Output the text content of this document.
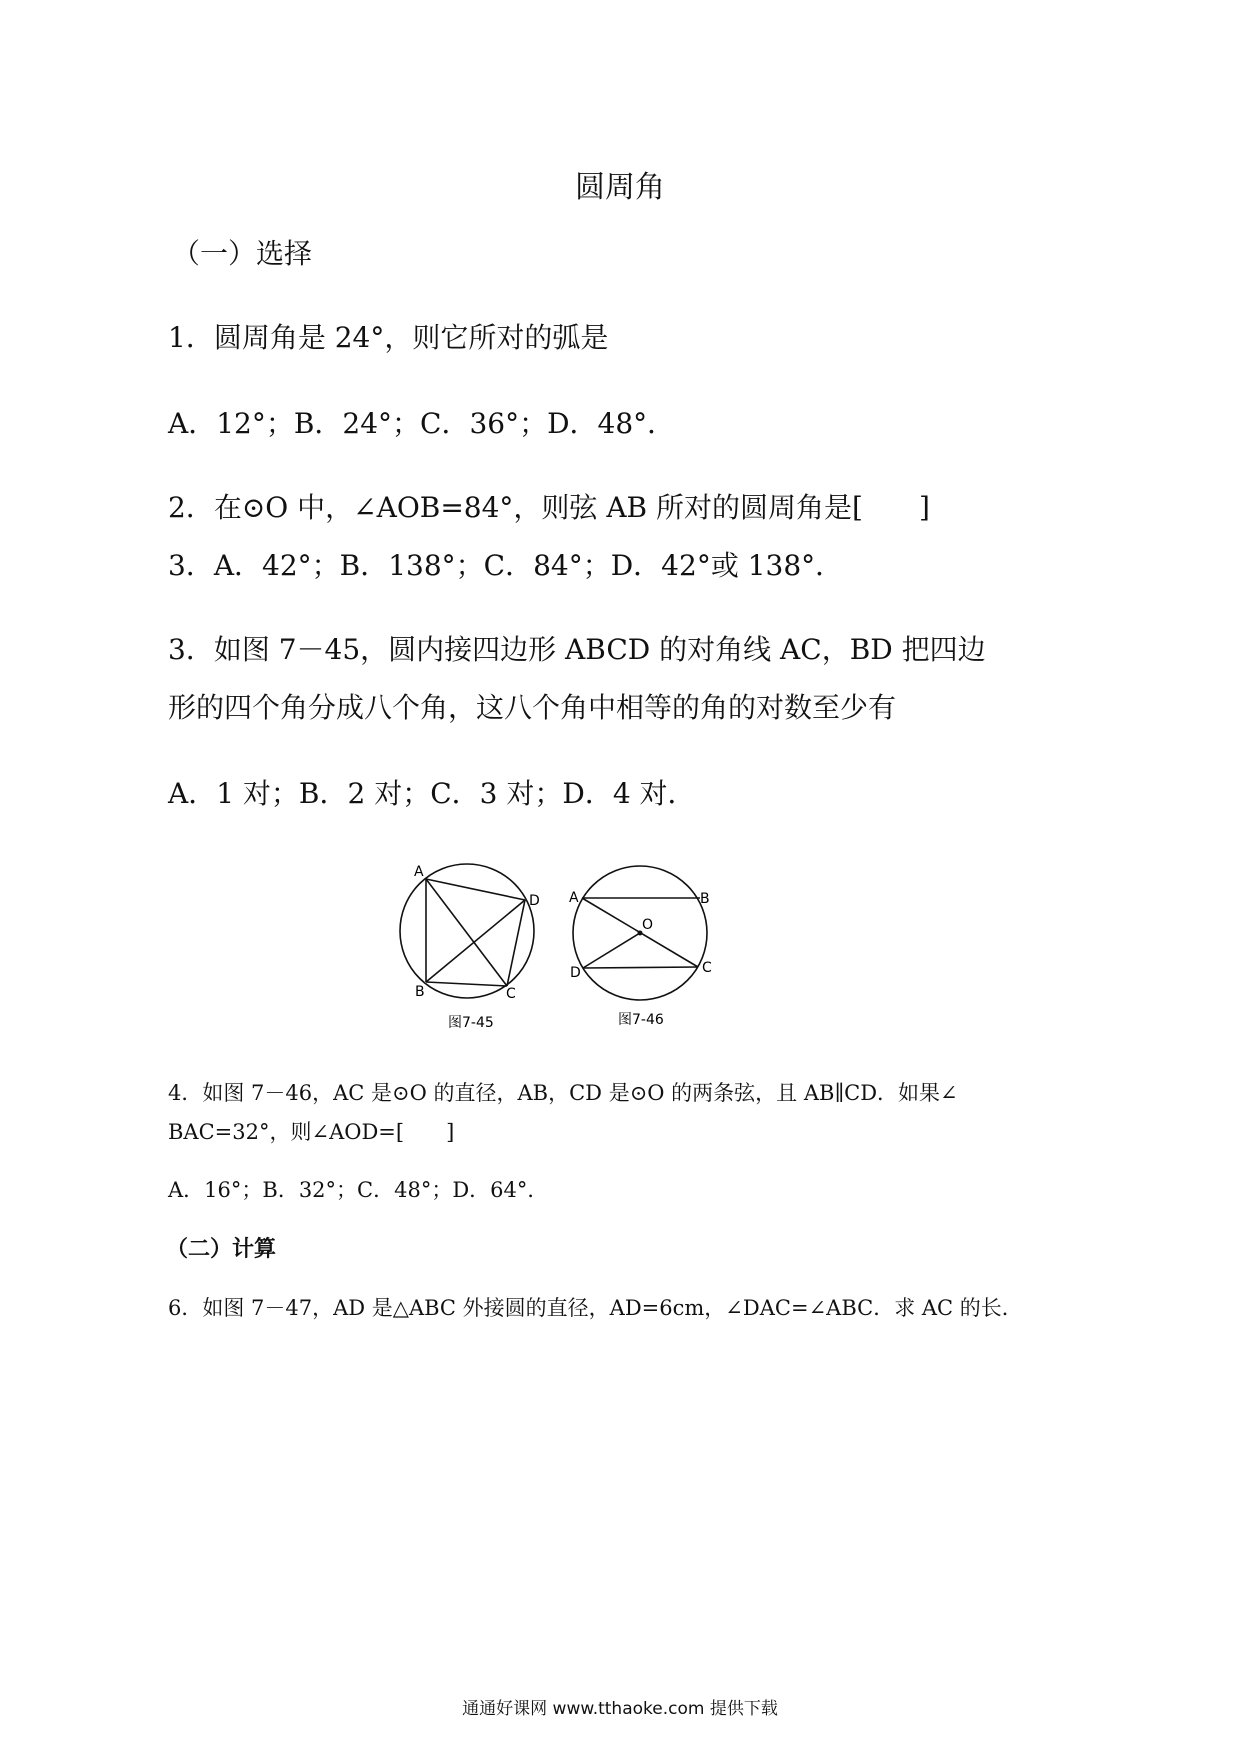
圆周角
（一）选择
1．圆周角是 24°，则它所对的弧是
A．12°；B．24°；C．36°；D．48°．
2．在⊙O 中，∠AOB=84°，则弦 AB 所对的圆周角是[　　]
3．A．42°；B．138°；C．84°；D．42°或 138°．
3．如图 7－45，圆内接四边形 ABCD 的对角线 AC，BD 把四边
形的四个角分成八个角，这八个角中相等的角的对数至少有
A．1 对；B．2 对；C．3 对；D．4 对．
A
B	C
D
图7-45
A	B
C
D
O
图7-46
4．如图 7－46，AC 是⊙O 的直径，AB，CD 是⊙O 的两条弦，且 AB∥CD．如果∠
BAC=32°，则∠AOD=[　　]
A．16°；B．32°；C．48°；D．64°．
（二）计算
6．如图 7－47，AD 是△ABC 外接圆的直径，AD=6cm，∠DAC=∠ABC．求 AC 的长．
通通好课网 www.tthaoke.com 提供下载
